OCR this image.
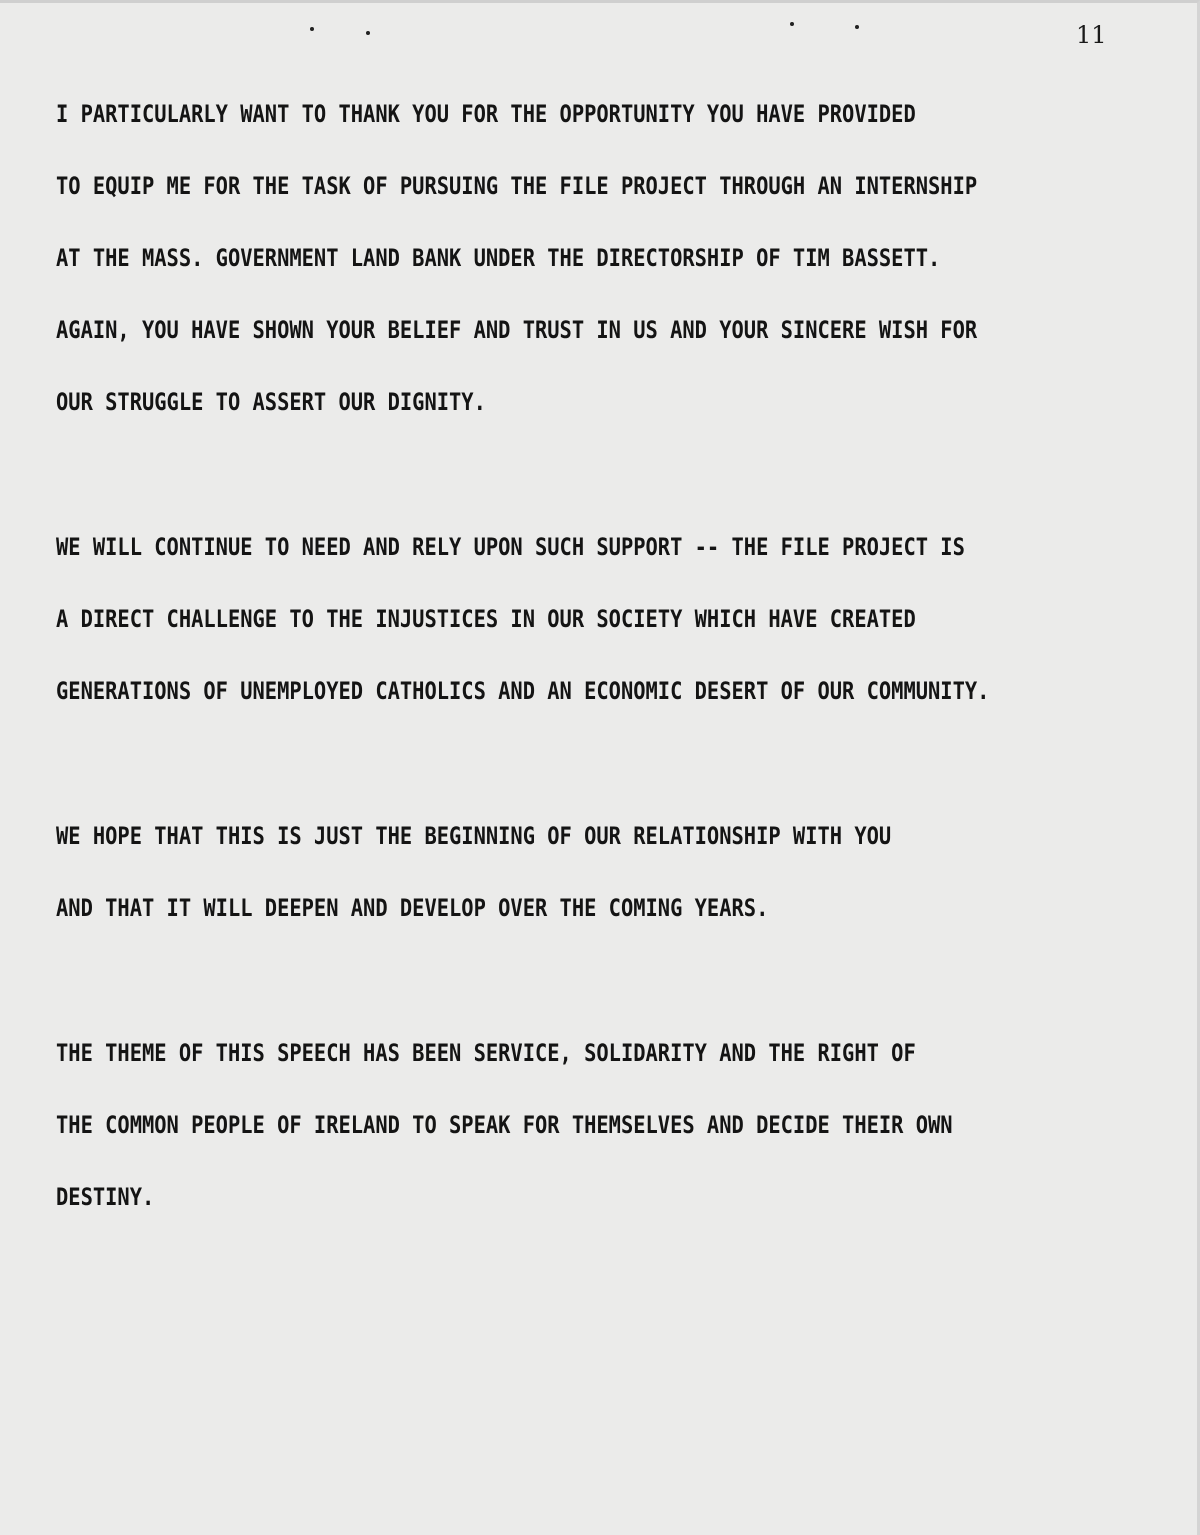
11
I PARTICULARLY WANT TO THANK YOU FOR THE OPPORTUNITY YOU HAVE PROVIDED
TO EQUIP ME FOR THE TASK OF PURSUING THE FILE PROJECT THROUGH AN INTERNSHIP
AT THE MASS. GOVERNMENT LAND BANK UNDER THE DIRECTORSHIP OF TIM BASSETT.
AGAIN, YOU HAVE SHOWN YOUR BELIEF AND TRUST IN US AND YOUR SINCERE WISH FOR
OUR STRUGGLE TO ASSERT OUR DIGNITY.
WE WILL CONTINUE TO NEED AND RELY UPON SUCH SUPPORT -- THE FILE PROJECT IS
A DIRECT CHALLENGE TO THE INJUSTICES IN OUR SOCIETY WHICH HAVE CREATED
GENERATIONS OF UNEMPLOYED CATHOLICS AND AN ECONOMIC DESERT OF OUR COMMUNITY.
WE HOPE THAT THIS IS JUST THE BEGINNING OF OUR RELATIONSHIP WITH YOU
AND THAT IT WILL DEEPEN AND DEVELOP OVER THE COMING YEARS.
THE THEME OF THIS SPEECH HAS BEEN SERVICE, SOLIDARITY AND THE RIGHT OF
THE COMMON PEOPLE OF IRELAND TO SPEAK FOR THEMSELVES AND DECIDE THEIR OWN
DESTINY.
